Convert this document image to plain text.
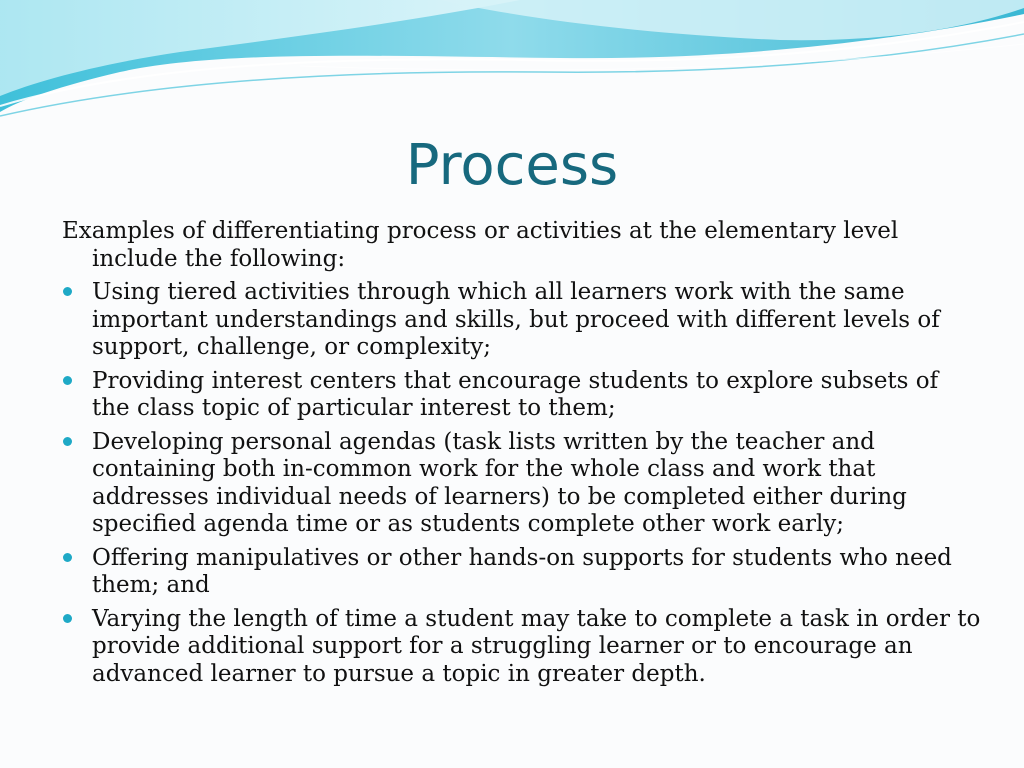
Process

Examples of differentiating process or activities at the elementary level include the following:

Using tiered activities through which all learners work with the same important understandings and skills, but proceed with different levels of support, challenge, or complexity;
Providing interest centers that encourage students to explore subsets of the class topic of particular interest to them;
Developing personal agendas (task lists written by the teacher and containing both in-common work for the whole class and work that addresses individual needs of learners) to be completed either during specified agenda time or as students complete other work early;
Offering manipulatives or other hands-on supports for students who need them; and
Varying the length of time a student may take to complete a task in order to provide additional support for a struggling learner or to encourage an advanced learner to pursue a topic in greater depth.
